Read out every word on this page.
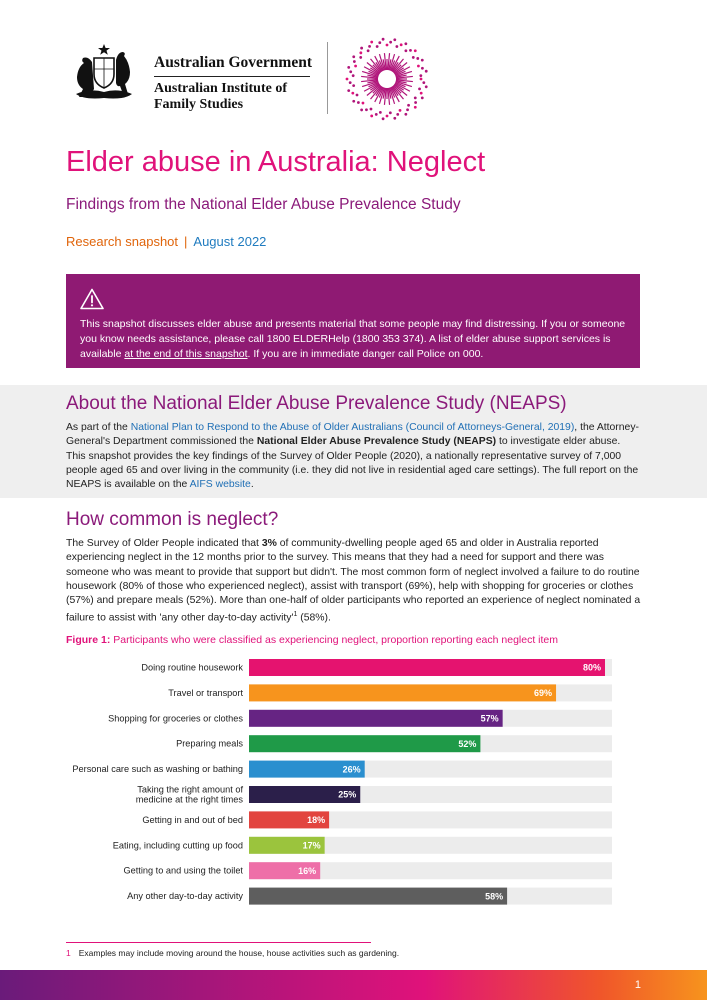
Australian Government
Australian Institute of
Family Studies
Elder abuse in Australia: Neglect
Findings from the National Elder Abuse Prevalence Study
Research snapshot | August 2022
This snapshot discusses elder abuse and presents material that some people may find distressing. If you or someone you know needs assistance, please call 1800 ELDERHelp (1800 353 374). A list of elder abuse support services is available at the end of this snapshot. If you are in immediate danger call Police on 000.
About the National Elder Abuse Prevalence Study (NEAPS)
As part of the National Plan to Respond to the Abuse of Older Australians (Council of Attorneys-General, 2019), the Attorney-General's Department commissioned the National Elder Abuse Prevalence Study (NEAPS) to investigate elder abuse. This snapshot provides the key findings of the Survey of Older People (2020), a nationally representative survey of 7,000 people aged 65 and over living in the community (i.e. they did not live in residential aged care settings). The full report on the NEAPS is available on the AIFS website.
How common is neglect?
The Survey of Older People indicated that 3% of community-dwelling people aged 65 and older in Australia reported experiencing neglect in the 12 months prior to the survey. This means that they had a need for support and there was someone who was meant to provide that support but didn't. The most common form of neglect involved a failure to do routine housework (80% of those who experienced neglect), assist with transport (69%), help with shopping for groceries or clothes (57%) and prepare meals (52%). More than one-half of older participants who reported an experience of neglect nominated a failure to assist with 'any other day-to-day $activity'^1$ (58%).
Figure 1: Participants who were classified as experiencing neglect, proportion reporting each neglect item
80%
Doing routine housework
69%
Travel or transport
57%
Shopping for groceries or clothes
52%
Preparing meals
26%
Personal care such as washing or bathing
25%
Taking the right amount of medicine at the right times
18%
Getting in and out of bed
17%
Eating, including cutting up food
16%
Getting to and using the toilet
58%
Any other day-to-day activity
1 Examples may include moving around the house, house activities such as gardening.
1
